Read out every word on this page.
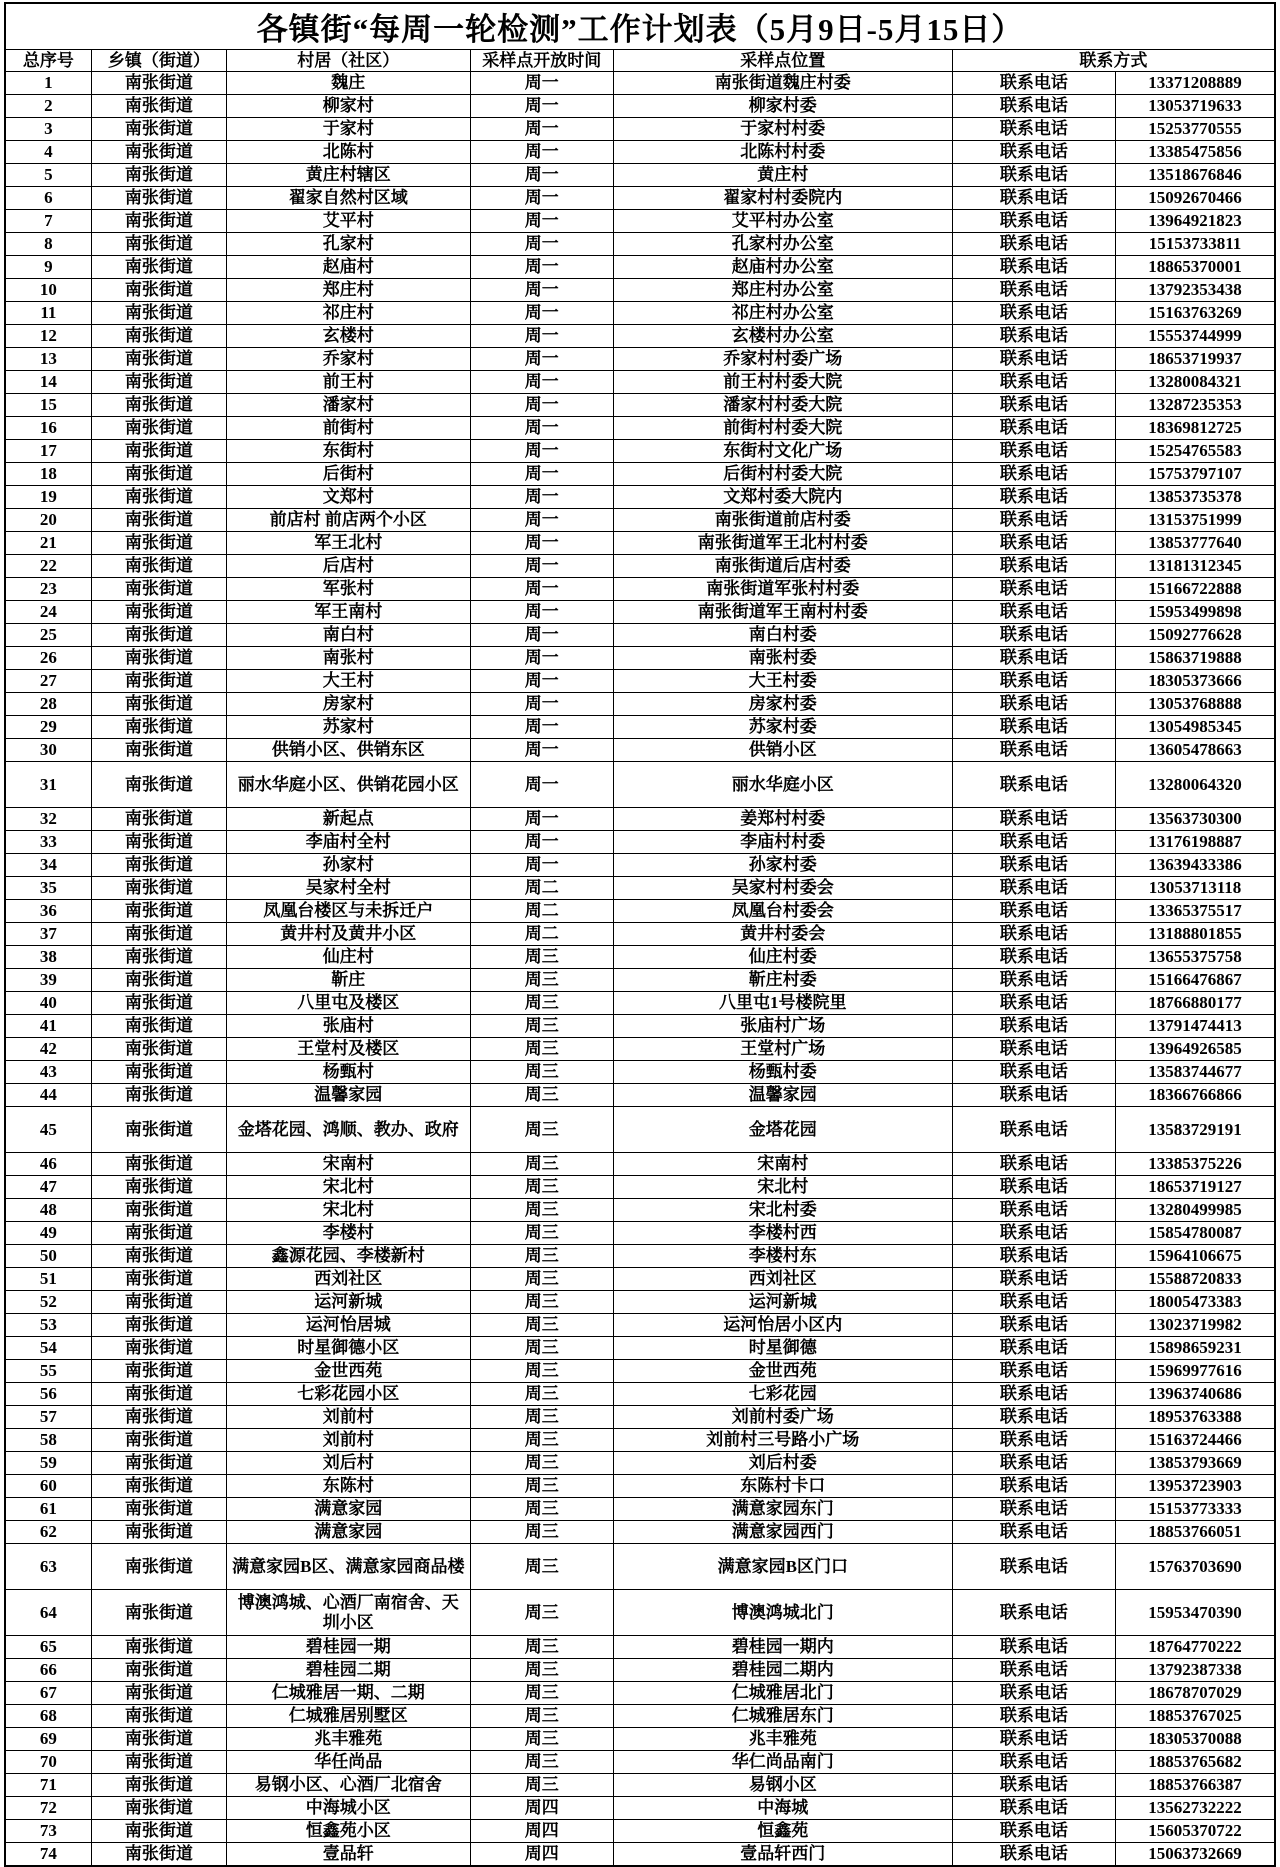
各镇街“每周一轮检测”工作计划表（5月9日-5月15日）						
总序号	乡镇（街道）	村居（社区）	采样点开放时间	采样点位置	联系方式	
1	南张街道	魏庄	周一	南张街道魏庄村委	联系电话	13371208889
2	南张街道	柳家村	周一	柳家村委	联系电话	13053719633
3	南张街道	于家村	周一	于家村村委	联系电话	15253770555
4	南张街道	北陈村	周一	北陈村村委	联系电话	13385475856
5	南张街道	黄庄村辖区	周一	黄庄村	联系电话	13518676846
6	南张街道	翟家自然村区域	周一	翟家村村委院内	联系电话	15092670466
7	南张街道	艾平村	周一	艾平村办公室	联系电话	13964921823
8	南张街道	孔家村	周一	孔家村办公室	联系电话	15153733811
9	南张街道	赵庙村	周一	赵庙村办公室	联系电话	18865370001
10	南张街道	郑庄村	周一	郑庄村办公室	联系电话	13792353438
11	南张街道	祁庄村	周一	祁庄村办公室	联系电话	15163763269
12	南张街道	玄楼村	周一	玄楼村办公室	联系电话	15553744999
13	南张街道	乔家村	周一	乔家村村委广场	联系电话	18653719937
14	南张街道	前王村	周一	前王村村委大院	联系电话	13280084321
15	南张街道	潘家村	周一	潘家村村委大院	联系电话	13287235353
16	南张街道	前街村	周一	前街村村委大院	联系电话	18369812725
17	南张街道	东街村	周一	东街村文化广场	联系电话	15254765583
18	南张街道	后街村	周一	后街村村委大院	联系电话	15753797107
19	南张街道	文郑村	周一	文郑村委大院内	联系电话	13853735378
20	南张街道	前店村 前店两个小区	周一	南张街道前店村委	联系电话	13153751999
21	南张街道	军王北村	周一	南张街道军王北村村委	联系电话	13853777640
22	南张街道	后店村	周一	南张街道后店村委	联系电话	13181312345
23	南张街道	军张村	周一	南张街道军张村村委	联系电话	15166722888
24	南张街道	军王南村	周一	南张街道军王南村村委	联系电话	15953499898
25	南张街道	南白村	周一	南白村委	联系电话	15092776628
26	南张街道	南张村	周一	南张村委	联系电话	15863719888
27	南张街道	大王村	周一	大王村委	联系电话	18305373666
28	南张街道	房家村	周一	房家村委	联系电话	13053768888
29	南张街道	苏家村	周一	苏家村委	联系电话	13054985345
30	南张街道	供销小区、供销东区	周一	供销小区	联系电话	13605478663
31	南张街道	丽水华庭小区、供销花园小区	周一	丽水华庭小区	联系电话	13280064320
32	南张街道	新起点	周一	姜郑村村委	联系电话	13563730300
33	南张街道	李庙村全村	周一	李庙村村委	联系电话	13176198887
34	南张街道	孙家村	周一	孙家村委	联系电话	13639433386
35	南张街道	吴家村全村	周二	吴家村村委会	联系电话	13053713118
36	南张街道	凤凰台楼区与未拆迁户	周二	凤凰台村委会	联系电话	13365375517
37	南张街道	黄井村及黄井小区	周二	黄井村委会	联系电话	13188801855
38	南张街道	仙庄村	周三	仙庄村委	联系电话	13655375758
39	南张街道	靳庄	周三	靳庄村委	联系电话	15166476867
40	南张街道	八里屯及楼区	周三	八里屯1号楼院里	联系电话	18766880177
41	南张街道	张庙村	周三	张庙村广场	联系电话	13791474413
42	南张街道	王堂村及楼区	周三	王堂村广场	联系电话	13964926585
43	南张街道	杨甄村	周三	杨甄村委	联系电话	13583744677
44	南张街道	温馨家园	周三	温馨家园	联系电话	18366766866
45	南张街道	金塔花园、鸿顺、教办、政府	周三	金塔花园	联系电话	13583729191
46	南张街道	宋南村	周三	宋南村	联系电话	13385375226
47	南张街道	宋北村	周三	宋北村	联系电话	18653719127
48	南张街道	宋北村	周三	宋北村委	联系电话	13280499985
49	南张街道	李楼村	周三	李楼村西	联系电话	15854780087
50	南张街道	鑫源花园、李楼新村	周三	李楼村东	联系电话	15964106675
51	南张街道	西刘社区	周三	西刘社区	联系电话	15588720833
52	南张街道	运河新城	周三	运河新城	联系电话	18005473383
53	南张街道	运河怡居城	周三	运河怡居小区内	联系电话	13023719982
54	南张街道	时星御德小区	周三	时星御德	联系电话	15898659231
55	南张街道	金世西苑	周三	金世西苑	联系电话	15969977616
56	南张街道	七彩花园小区	周三	七彩花园	联系电话	13963740686
57	南张街道	刘前村	周三	刘前村委广场	联系电话	18953763388
58	南张街道	刘前村	周三	刘前村三号路小广场	联系电话	15163724466
59	南张街道	刘后村	周三	刘后村委	联系电话	13853793669
60	南张街道	东陈村	周三	东陈村卡口	联系电话	13953723903
61	南张街道	满意家园	周三	满意家园东门	联系电话	15153773333
62	南张街道	满意家园	周三	满意家园西门	联系电话	18853766051
63	南张街道	满意家园B区、满意家园商品楼	周三	满意家园B区门口	联系电话	15763703690
64	南张街道	博澳鸿城、心酒厂南宿舍、天圳小区	周三	博澳鸿城北门	联系电话	15953470390
65	南张街道	碧桂园一期	周三	碧桂园一期内	联系电话	18764770222
66	南张街道	碧桂园二期	周三	碧桂园二期内	联系电话	13792387338
67	南张街道	仁城雅居一期、二期	周三	仁城雅居北门	联系电话	18678707029
68	南张街道	仁城雅居别墅区	周三	仁城雅居东门	联系电话	18853767025
69	南张街道	兆丰雅苑	周三	兆丰雅苑	联系电话	18305370088
70	南张街道	华任尚品	周三	华仁尚品南门	联系电话	18853765682
71	南张街道	易钢小区、心酒厂北宿舍	周三	易钢小区	联系电话	18853766387
72	南张街道	中海城小区	周四	中海城	联系电话	13562732222
73	南张街道	恒鑫苑小区	周四	恒鑫苑	联系电话	15605370722
74	南张街道	壹品轩	周四	壹品轩西门	联系电话	15063732669
